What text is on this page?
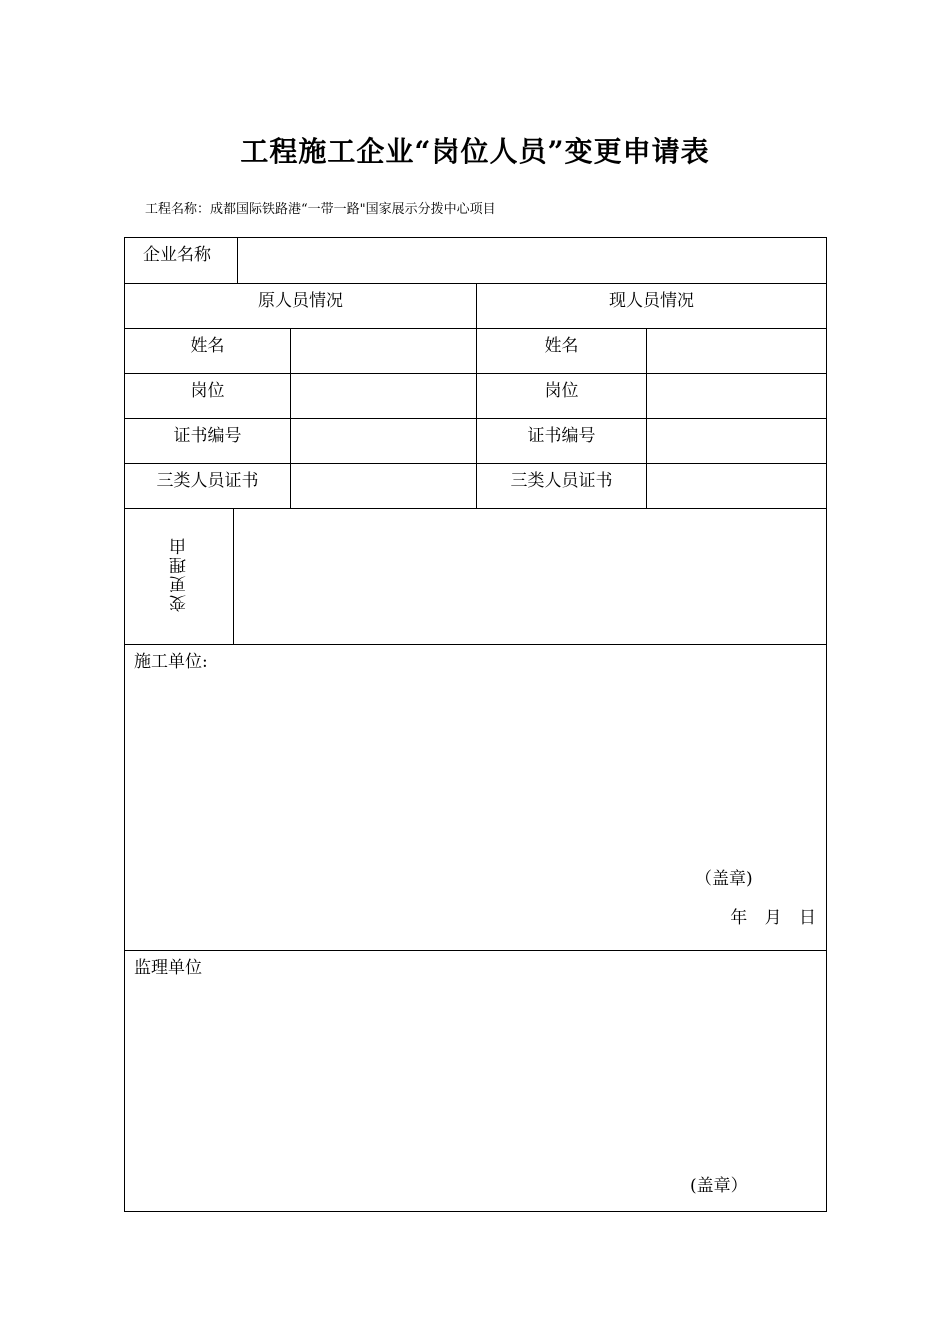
工程施工企业“岗位人员”变更申请表
工程名称：成都国际铁路港“一带一路"国家展示分拨中心项目
企业名称					
原人员情况				现人员情况	
姓名				姓名	
岗位				岗位	
证书编号				证书编号	
三类人员证书				三类人员证书	
变更理由					

施工单位:
（盖章)
年 月 日					

监理单位
(盖章）					
